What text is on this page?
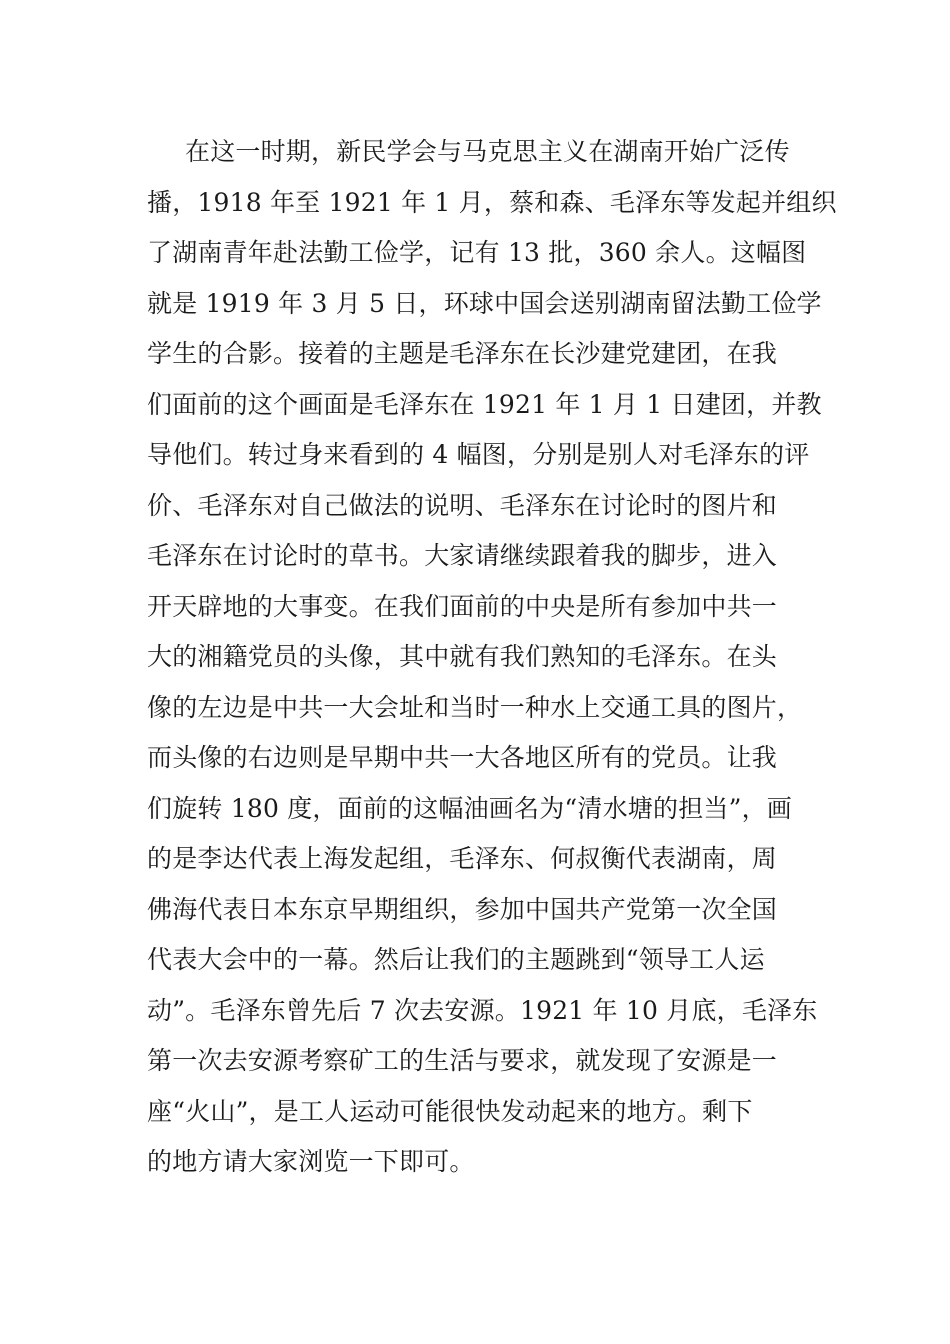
在这一时期，新民学会与马克思主义在湖南开始广泛传
播，1918 年至 1921 年 1 月，蔡和森、毛泽东等发起并组织
了湖南青年赴法勤工俭学，记有 13 批，360 余人。这幅图
就是 1919 年 3 月 5 日，环球中国会送别湖南留法勤工俭学
学生的合影。接着的主题是毛泽东在长沙建党建团，在我
们面前的这个画面是毛泽东在 1921 年 1 月 1 日建团，并教
导他们。转过身来看到的 4 幅图，分别是别人对毛泽东的评
价、毛泽东对自己做法的说明、毛泽东在讨论时的图片和
毛泽东在讨论时的草书。大家请继续跟着我的脚步，进入
开天辟地的大事变。在我们面前的中央是所有参加中共一
大的湘籍党员的头像，其中就有我们熟知的毛泽东。在头
像的左边是中共一大会址和当时一种水上交通工具的图片，
而头像的右边则是早期中共一大各地区所有的党员。让我
们旋转 180 度，面前的这幅油画名为“清水塘的担当”，画
的是李达代表上海发起组，毛泽东、何叔衡代表湖南，周
佛海代表日本东京早期组织，参加中国共产党第一次全国
代表大会中的一幕。然后让我们的主题跳到“领导工人运
动”。毛泽东曾先后 7 次去安源。1921 年 10 月底，毛泽东
第一次去安源考察矿工的生活与要求，就发现了安源是一
座“火山”，是工人运动可能很快发动起来的地方。剩下
的地方请大家浏览一下即可。
